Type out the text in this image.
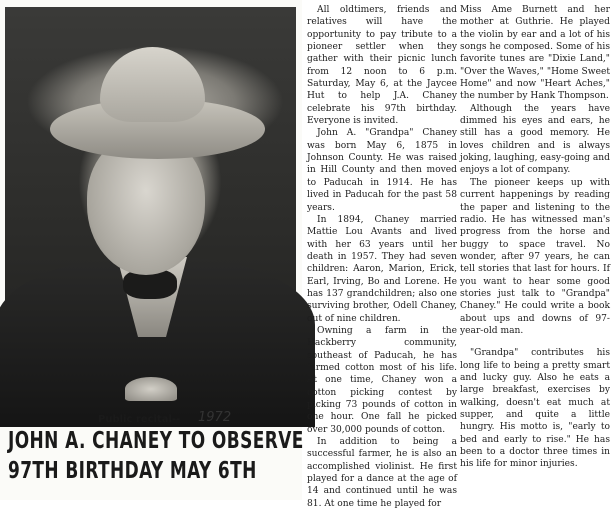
Public recital-- 1972
JOHN A. CHANEY TO OBSERVE
97TH BIRTHDAY MAY 6TH

All oldtimers, friends and relatives will have the opportunity to pay tribute to a pioneer settler when they gather with their picnic lunch from 12 noon to 6 p.m. Saturday, May 6, at the Jaycee Hut to help J.A. Chaney celebrate his 97th birthday. Everyone is invited.

John A. "Grandpa" Chaney was born May 6, 1875 in Johnson County. He was raised in Hill County and then moved to Paducah in 1914. He has lived in Paducah for the past 58 years.

In 1894, Chaney married Mattie Lou Avants and lived with her 63 years until her death in 1957. They had seven children: Aaron, Marion, Erick, Earl, Irving, Bo and Lorene. He has 137 grandchildren; also one surviving brother, Odell Chaney, out of nine children.

Owning a farm in the Hackberry community, southeast of Paducah, he has farmed cotton most of his life. At one time, Chaney won a cotton picking contest by picking 73 pounds of cotton in one hour. One fall he picked over 30,000 pounds of cotton.

In addition to being a successful farmer, he is also an accomplished violinist. He first played for a dance at the age of 14 and continued until he was 81. At one time he played for

Miss Ame Burnett and her mother at Guthrie. He played the violin by ear and a lot of his songs he composed. Some of his favorite tunes are "Dixie Land," "Over the Waves," "Home Sweet Home" and now "Heart Aches," the number by Hank Thompson.

Although the years have dimmed his eyes and ears, he still has a good memory. He loves children and is always joking, laughing, easy-going and enjoys a lot of company.

The pioneer keeps up with current happenings by reading the paper and listening to the radio. He has witnessed man's progress from the horse and buggy to space travel. No wonder, after 97 years, he can tell stories that last for hours. If you want to hear some good stories just talk to "Grandpa" Chaney." He could write a book about ups and downs of 97-year-old man.

"Grandpa" contributes his long life to being a pretty smart and lucky guy. Also he eats a large breakfast, exercises by walking, doesn't eat much at supper, and quite a little hungry. His motto is, "early to bed and early to rise." He has been to a doctor three times in his life for minor injuries.
